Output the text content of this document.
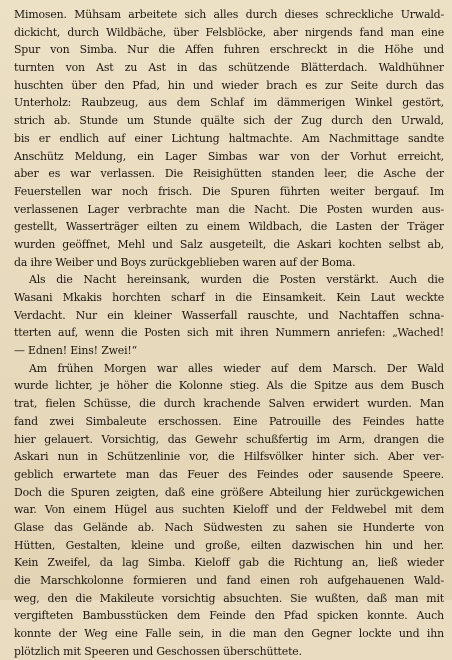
Mimosen. Mühsam arbeitete sich alles durch dieses schreckliche Urwald-
dickicht, durch Wildbäche, über Felsblöcke, aber nirgends fand man eine
Spur von Simba. Nur die Affen fuhren erschreckt in die Höhe und
turnten von Ast zu Ast in das schützende Blätterdach. Waldhühner
huschten über den Pfad, hin und wieder brach es zur Seite durch das
Unterholz: Raubzeug, aus dem Schlaf im dämmerigen Winkel gestört,
strich ab. Stunde um Stunde quälte sich der Zug durch den Urwald,
bis er endlich auf einer Lichtung haltmachte. Am Nachmittage sandte
Anschütz Meldung, ein Lager Simbas war von der Vorhut erreicht,
aber es war verlassen. Die Reisighütten standen leer, die Asche der
Feuerstellen war noch frisch. Die Spuren führten weiter bergauf. Im
verlassenen Lager verbrachte man die Nacht. Die Posten wurden aus-
gestellt, Wasserträger eilten zu einem Wildbach, die Lasten der Träger
wurden geöffnet, Mehl und Salz ausgeteilt, die Askari kochten selbst ab,
da ihre Weiber und Boys zurückgeblieben waren auf der Boma.
Als die Nacht hereinsank, wurden die Posten verstärkt. Auch die
Wasani Mkakis horchten scharf in die Einsamkeit. Kein Laut weckte
Verdacht. Nur ein kleiner Wasserfall rauschte, und Nachtaffen schna-
tterten auf, wenn die Posten sich mit ihren Nummern anriefen: „Wached!
— Ednen! Eins! Zwei!“
Am frühen Morgen war alles wieder auf dem Marsch. Der Wald
wurde lichter, je höher die Kolonne stieg. Als die Spitze aus dem Busch
trat, fielen Schüsse, die durch krachende Salven erwidert wurden. Man
fand zwei Simbaleute erschossen. Eine Patrouille des Feindes hatte
hier gelauert. Vorsichtig, das Gewehr schußfertig im Arm, drangen die
Askari nun in Schützenlinie vor, die Hilfsvölker hinter sich. Aber ver-
geblich erwartete man das Feuer des Feindes oder sausende Speere.
Doch die Spuren zeigten, daß eine größere Abteilung hier zurückgewichen
war. Von einem Hügel aus suchten Kieloff und der Feldwebel mit dem
Glase das Gelände ab. Nach Südwesten zu sahen sie Hunderte von
Hütten, Gestalten, kleine und große, eilten dazwischen hin und her.
Kein Zweifel, da lag Simba. Kieloff gab die Richtung an, ließ wieder
die Marschkolonne formieren und fand einen roh aufgehauenen Wald-
weg, den die Makileute vorsichtig absuchten. Sie wußten, daß man mit
vergifteten Bambusstücken dem Feinde den Pfad spicken konnte. Auch
konnte der Weg eine Falle sein, in die man den Gegner lockte und ihn
plötzlich mit Speeren und Geschossen überschüttete.
